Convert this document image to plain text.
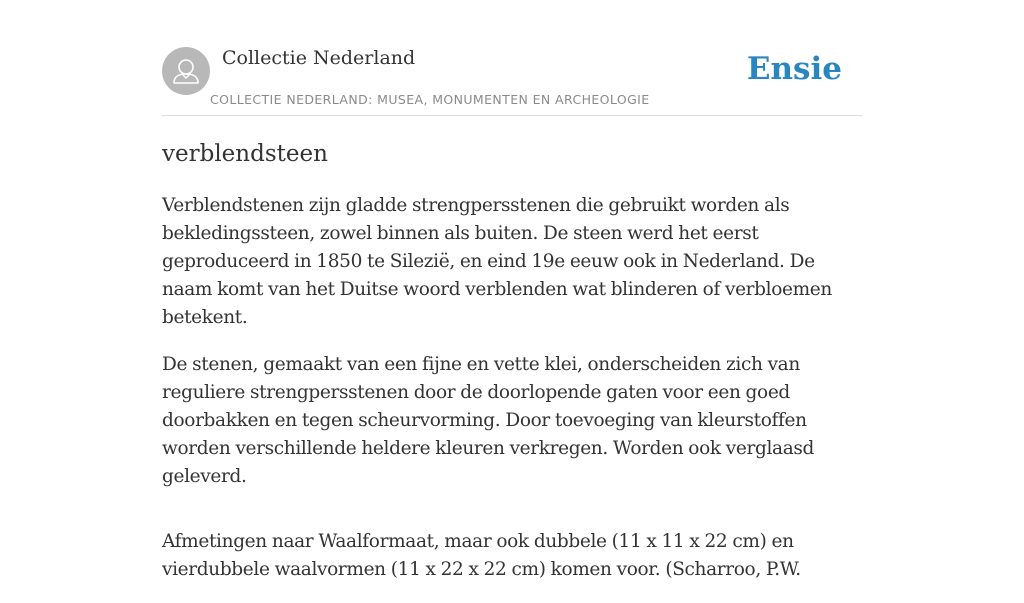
Collectie Nederland
COLLECTIE NEDERLAND: MUSEA, MONUMENTEN EN ARCHEOLOGIE
Ensie
verblendsteen

Verblendstenen zijn gladde strengpersstenen die gebruikt worden als bekledingssteen, zowel binnen als buiten. De steen werd het eerst geproduceerd in 1850 te Silezië, en eind 19e eeuw ook in Nederland. De naam komt van het Duitse woord verblenden wat blinderen of verbloemen betekent.

De stenen, gemaakt van een fijne en vette klei, onderscheiden zich van reguliere strengpersstenen door de doorlopende gaten voor een goed doorbakken en tegen scheurvorming. Door toevoeging van kleurstoffen worden verschillende heldere kleuren verkregen. Worden ook verglaasd geleverd.

Afmetingen naar Waalformaat, maar ook dubbele (11 x 11 x 22 cm) en vierdubbele waalvormen (11 x 22 x 22 cm) komen voor. (Scharroo, P.W.
